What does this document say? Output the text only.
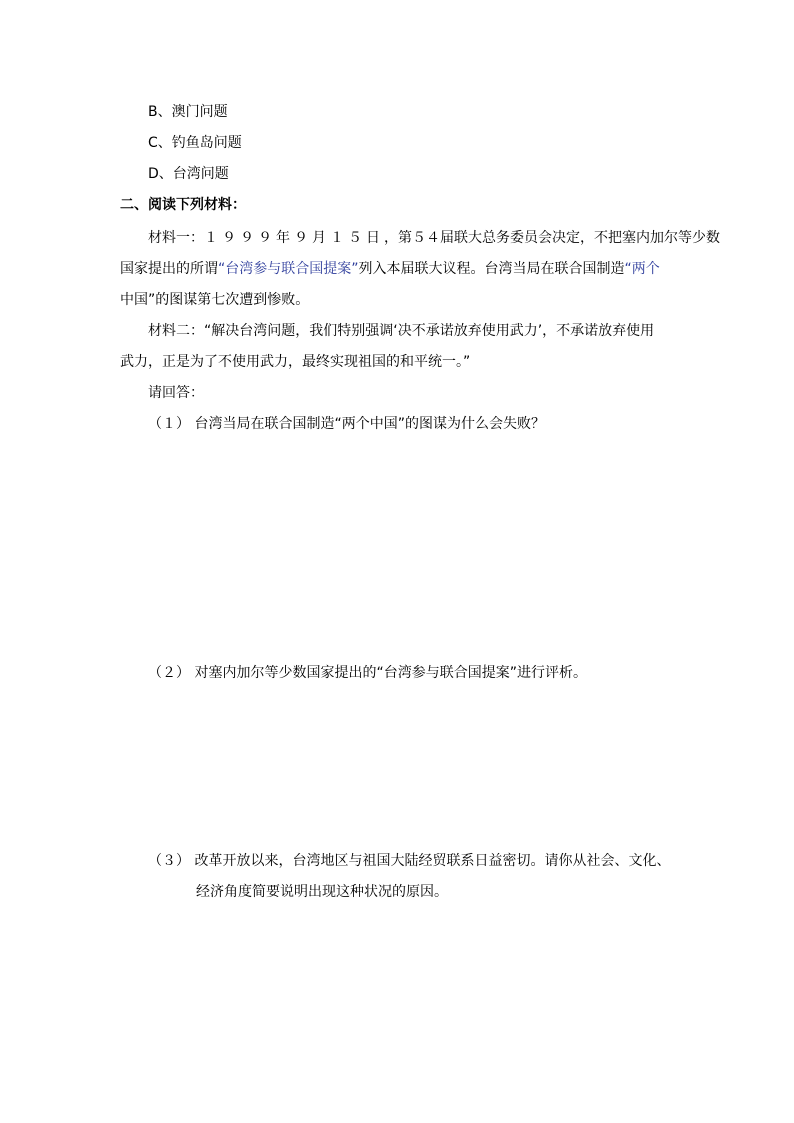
B、澳门问题

C、钓鱼岛问题

D、台湾问题

二、阅读下列材料：

材料一：１９９９年９月１５日，第５４届联大总务委员会决定，不把塞内加尔等少数

国家提出的所谓“台湾参与联合国提案”列入本届联大议程。台湾当局在联合国制造“两个

中国”的图谋第七次遭到惨败。

材料二：“解决台湾问题，我们特别强调‘决不承诺放弃使用武力’，不承诺放弃使用

武力，正是为了不使用武力，最终实现祖国的和平统一。”

请回答：

（１） 台湾当局在联合国制造“两个中国”的图谋为什么会失败？

（２） 对塞内加尔等少数国家提出的“台湾参与联合国提案”进行评析。

（３） 改革开放以来，台湾地区与祖国大陆经贸联系日益密切。请你从社会、文化、

经济角度简要说明出现这种状况的原因。
